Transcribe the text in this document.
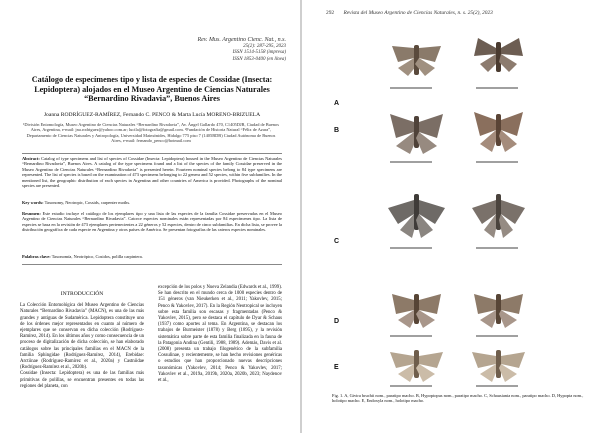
Rev. Mus. Argentino Cienc. Nat., n.s.
25(2): 287-295, 2023
ISSN 1514-5158 (impresa)
ISSN 1853-0400 (en línea)
Catálogo de especímenes tipo y lista de especies de Cossidae (Insecta: Lepidoptera) alojados en el Museo Argentino de Ciencias Naturales “Bernardino Rivadavia”, Buenos Aires
Joanna RODRÍGUEZ-RAMÍREZ, Fernando C. PENCO & Marta Lucía MORENO-BRIZUELA
¹División Entomología, Museo Argentino de Ciencias Naturales “Bernardino Rivadavia”, Av. Ángel Gallardo 470, C1405DJR, Ciudad de Buenos Aires, Argentina, e-mail: jna.rodriguez@yahoo.com.ar; lucila@fotografía@gmail.com. ²Fundación de Historia Natural “Félix de Azara”, Departamento de Ciencias Naturales y Antropología, Universidad Maimónides, Hidalgo 775 piso 7 (1405BDB) Ciudad Autónoma de Buenos Aires, e-mail: fernando_penco@hotmail.com
Abstract: Catalog of type specimens and list of species of Cossidae (Insecta: Lepidoptera) housed in the Museo Argentino de Ciencias Naturales “Bernardino Rivadavia”, Buenos Aires. A catalog of the type specimens found and a list of the species of the family Cossidae preserved in the Museo Argentino de Ciencias Naturales “Bernardino Rivadavia” is presented herein. Fourteen nominal species belong to 84 type specimens are represented. The list of species is based on the examination of 473 specimens belonging to 22 genera and 52 species, within five subfamilies. In the mentioned list, the geographic distribution of each species in Argentina and other countries of America is provided. Photographs of the nominal species are presented.
Key words: Taxonomy, Neotropic, Cossids, carpenter moths.
Resumen: Este estudio incluye el catálogo de los ejemplares tipo y una lista de las especies de la familia Cossidae preservadas en el Museo Argentino de Ciencias Naturales “Bernardino Rivadavia”. Catorce especies nominales están representadas por 84 especímenes tipo. La lista de especies se basa en la revisión de 473 ejemplares pertenecientes a 22 géneros y 52 especies, dentro de cinco subfamilias. En dicha lista, se provee la distribución geográfica de cada especie en Argentina y otros países de América. Se presentan fotografías de las cateros especies nominales.
Palabras clave: Taxonomía, Neotrópico, Cosidos, polilla carpintera.
INTRODUCCIÓN
La Colección Entomológica del Museo Argentino de Ciencias Naturales “Bernardino Rivadavia” (MACN), es una de las más grandes y antiguas de Sudamérica. Lepidoptera constituye uno de los órdenes mejor representados en cuanto al número de ejemplares que se conservan en dicha colección (Rodríguez-Ramírez, 2014). En los últimos años y como consecuencia de un proceso de digitalización de dicha colección, se han elaborado catálogos sobre las principales familias en el MACN de la familia Sphingidae (Rodríguez-Ramírez, 2014), Erebidae: Arctiinae (Rodríguez-Ramírez et al., 2020a) y Castniidae (Rodríguez-Ramírez et al., 2020b).
Cossidae (Insecta: Lepidoptera) es una de las familias más primitivas de polillas, se encuentran presentes en todas las regiones del planeta, con
excepción de los polos y Nueva Zelandia (Edwards et al., 1999). Se han descrito en el mundo cerca de 1000 especies dentro de 151 géneros (van Nieukerken et al., 2011; Yakovlev, 2015; Penco & Yakovlev, 2017). En la Región Neotropical se incluyen sobre esta familia son escasas y fragmentadas (Penco & Yakovlev, 2015), pero se destaca el capítulo de Dyar & Schaus (1937) como aportes al tema. En Argentina, se destacan los trabajos de Burmeister (1878) y Berg (1895), y la revisión sistemática sobre parte de esta familia finalizada en la fauna de la Patagonia Andina (Gentili, 1988, 1989). Además, Davis et al. (2008) presenta un trabajo filogenético de la subfamilia Cossulinae, y recientemente, se han hecho revisiones genéricas o estudios que han proporcionado nuevas descripciones taxonómicas (Yakovlev, 2014; Penco & Yakovlev, 2017; Yakovlev et al., 2019a, 2019b, 2020a, 2020b, 2023; Naydenov et al.,
292 Revista del Museo Argentino de Ciencias Naturales, n. s. 25(2), 2023
A
B
C
D
E
Fig. 1. A, Givira bruchii nom., paratipo macho. B, Hypoptopus nom., paratipo macho. C, Schausiania nom., paratipo macho. D, Hypopta nom., holotipo macho. E, Endoxyla nom., holotipo macho.
